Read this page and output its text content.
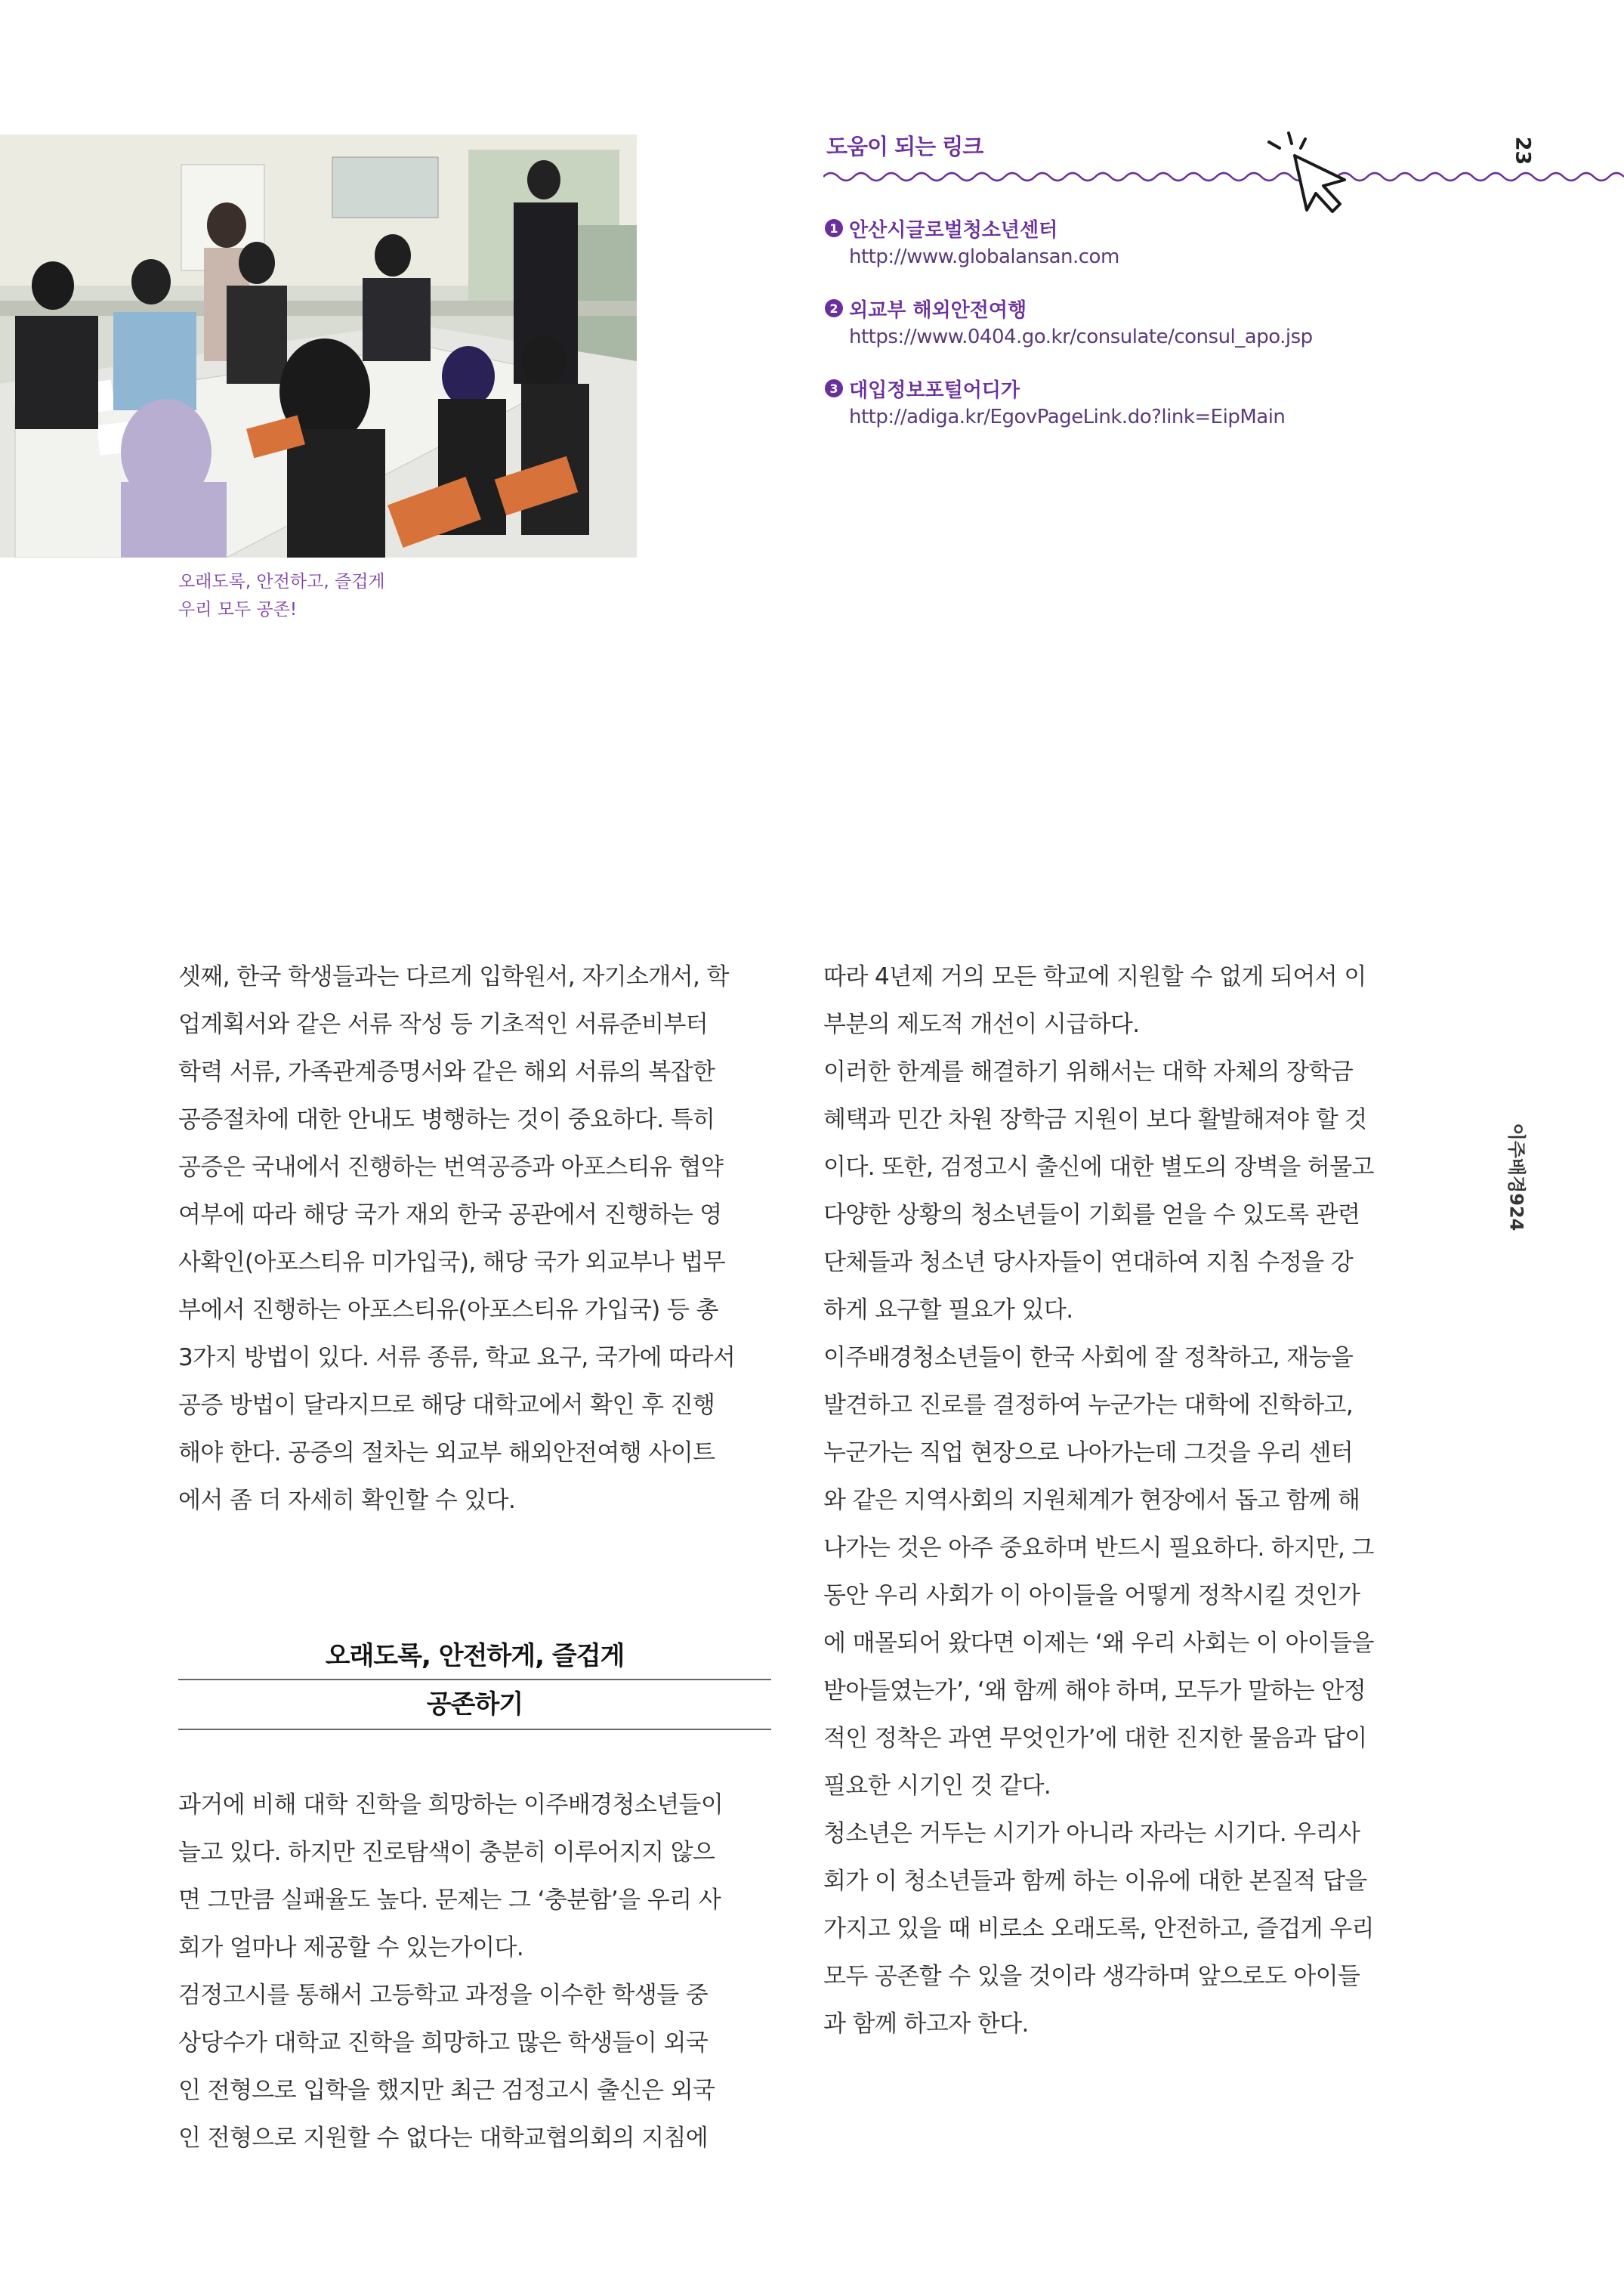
오래도록, 안전하고, 즐겁게
우리 모두 공존!
도움이 되는 링크	23
1 안산시글로벌청소년센터
http://www.globalansan.com
2 외교부 해외안전여행
https://www.0404.go.kr/consulate/consul_apo.jsp
3 대입정보포털어디가
http://adiga.kr/EgovPageLink.do?link=EipMain
이주배경924

셋째, 한국 학생들과는 다르게 입학원서, 자기소개서, 학

업계획서와 같은 서류 작성 등 기초적인 서류준비부터

학력 서류, 가족관계증명서와 같은 해외 서류의 복잡한

공증절차에 대한 안내도 병행하는 것이 중요하다. 특히

공증은 국내에서 진행하는 번역공증과 아포스티유 협약

여부에 따라 해당 국가 재외 한국 공관에서 진행하는 영

사확인(아포스티유 미가입국), 해당 국가 외교부나 법무

부에서 진행하는 아포스티유(아포스티유 가입국) 등 총

3가지 방법이 있다. 서류 종류, 학교 요구, 국가에 따라서

공증 방법이 달라지므로 해당 대학교에서 확인 후 진행

해야 한다. 공증의 절차는 외교부 해외안전여행 사이트

에서 좀 더 자세히 확인할 수 있다.

오래도록, 안전하게, 즐겁게
공존하기

과거에 비해 대학 진학을 희망하는 이주배경청소년들이

늘고 있다. 하지만 진로탐색이 충분히 이루어지지 않으

면 그만큼 실패율도 높다. 문제는 그 ‘충분함’을 우리 사

회가 얼마나 제공할 수 있는가이다.

검정고시를 통해서 고등학교 과정을 이수한 학생들 중

상당수가 대학교 진학을 희망하고 많은 학생들이 외국

인 전형으로 입학을 했지만 최근 검정고시 출신은 외국

인 전형으로 지원할 수 없다는 대학교협의회의 지침에

따라 4년제 거의 모든 학교에 지원할 수 없게 되어서 이

부분의 제도적 개선이 시급하다.

이러한 한계를 해결하기 위해서는 대학 자체의 장학금

혜택과 민간 차원 장학금 지원이 보다 활발해져야 할 것

이다. 또한, 검정고시 출신에 대한 별도의 장벽을 허물고

다양한 상황의 청소년들이 기회를 얻을 수 있도록 관련

단체들과 청소년 당사자들이 연대하여 지침 수정을 강

하게 요구할 필요가 있다.

이주배경청소년들이 한국 사회에 잘 정착하고, 재능을

발견하고 진로를 결정하여 누군가는 대학에 진학하고,

누군가는 직업 현장으로 나아가는데 그것을 우리 센터

와 같은 지역사회의 지원체계가 현장에서 돕고 함께 해

나가는 것은 아주 중요하며 반드시 필요하다. 하지만, 그

동안 우리 사회가 이 아이들을 어떻게 정착시킬 것인가

에 매몰되어 왔다면 이제는 ‘왜 우리 사회는 이 아이들을

받아들였는가’, ‘왜 함께 해야 하며, 모두가 말하는 안정

적인 정착은 과연 무엇인가’에 대한 진지한 물음과 답이

필요한 시기인 것 같다.

청소년은 거두는 시기가 아니라 자라는 시기다. 우리사

회가 이 청소년들과 함께 하는 이유에 대한 본질적 답을

가지고 있을 때 비로소 오래도록, 안전하고, 즐겁게 우리

모두 공존할 수 있을 것이라 생각하며 앞으로도 아이들

과 함께 하고자 한다.
